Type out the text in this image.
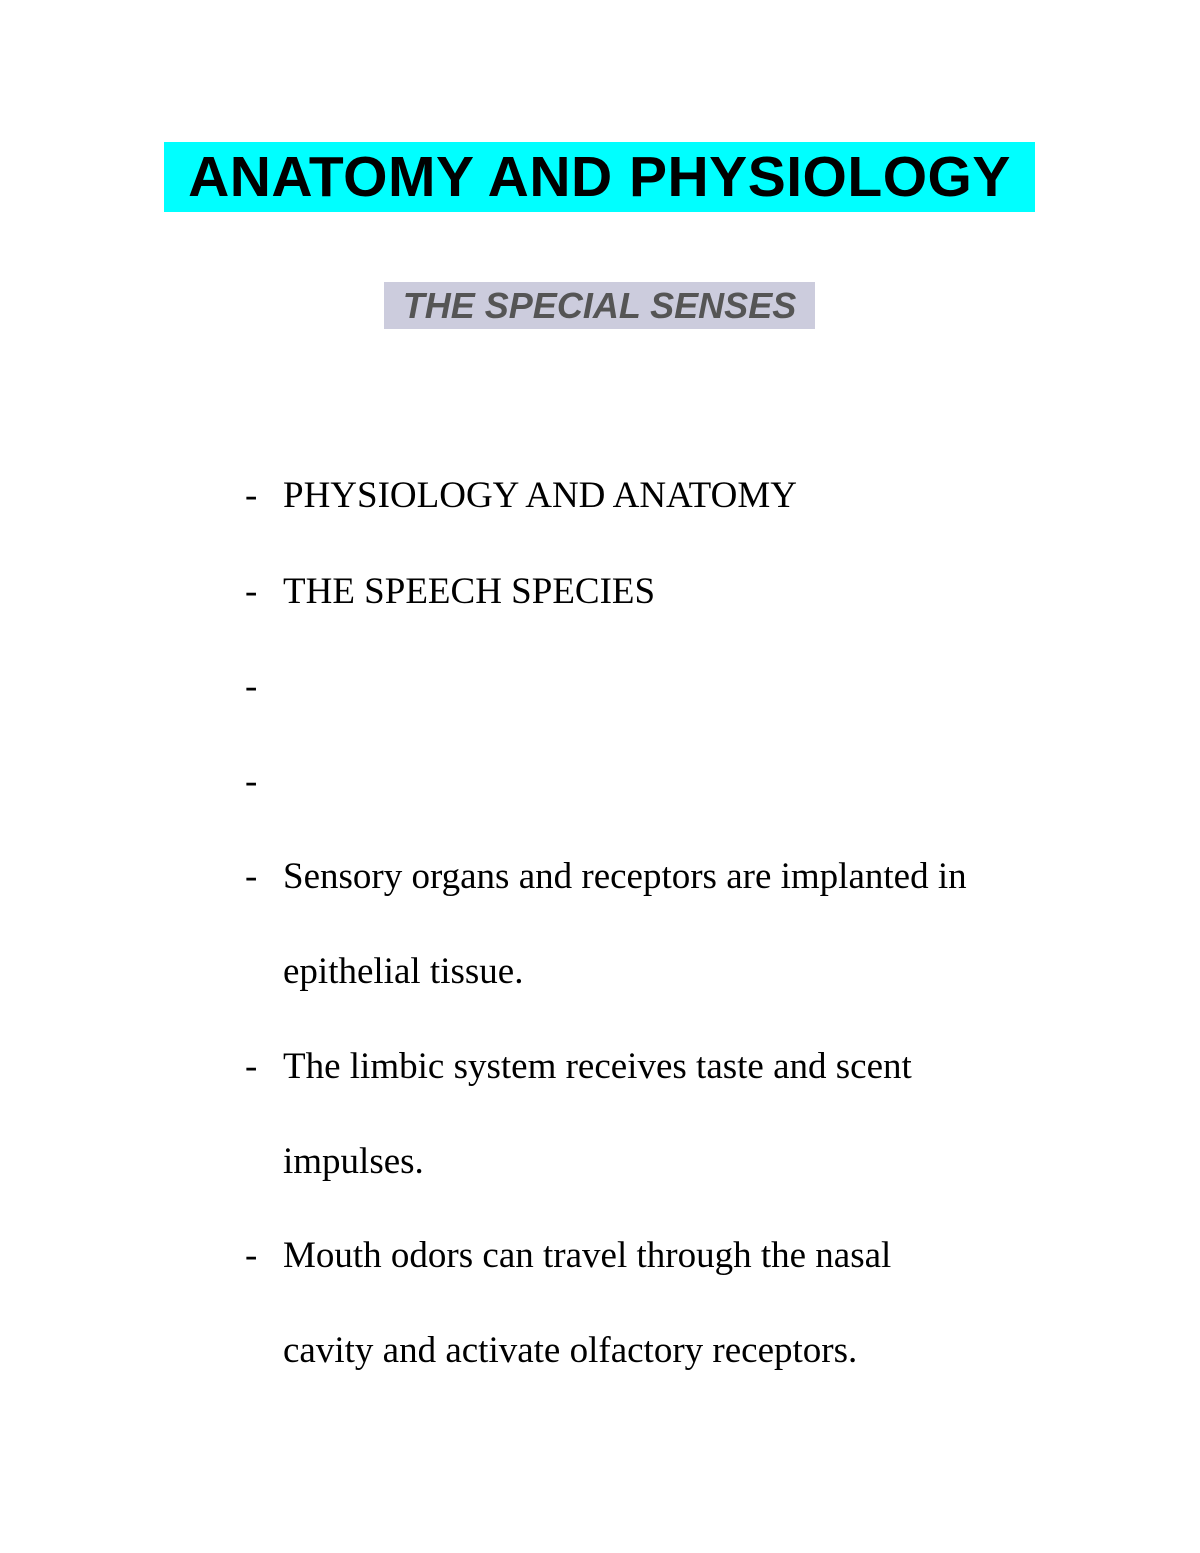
ANATOMY AND PHYSIOLOGY
THE SPECIAL SENSES
- PHYSIOLOGY AND ANATOMY
- THE SPEECH SPECIES
-
-
- Sensory organs and receptors are implanted in
epithelial tissue.
- The limbic system receives taste and scent
impulses.
- Mouth odors can travel through the nasal
cavity and activate olfactory receptors.
